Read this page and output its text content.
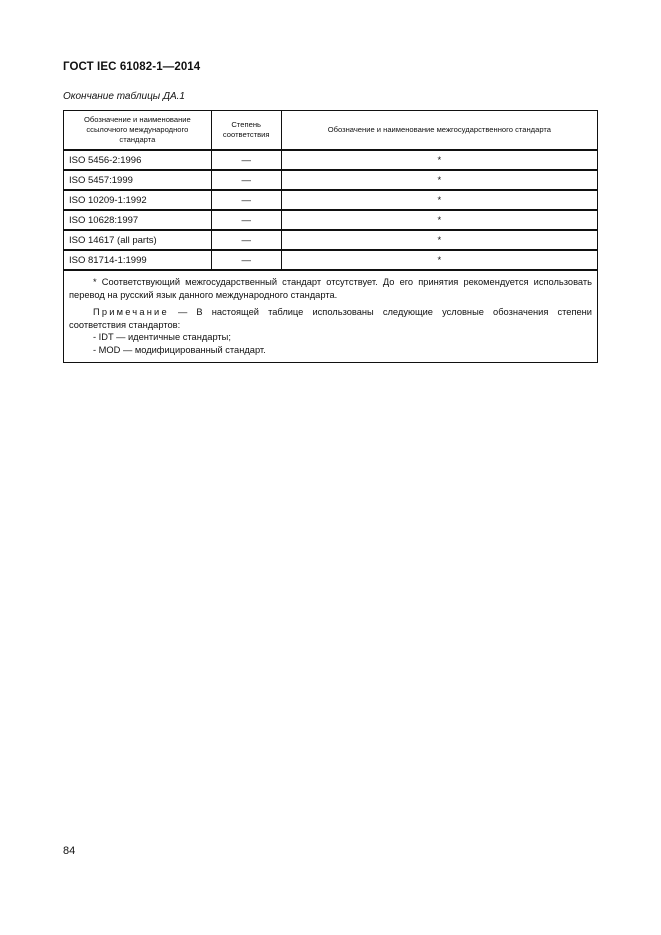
ГОСТ IEC 61082-1—2014
Окончание таблицы ДА.1
Обозначение и наименование ссылочного международного стандарта	Степень соответствия	Обозначение и наименование межгосударственного стандарта
ISO 5456-2:1996	—	*
ISO 5457:1999	—	*
ISO 10209-1:1992	—	*
ISO 10628:1997	—	*
ISO 14617 (all parts)	—	*
ISO 81714-1:1999	—	*

* Соответствующий межгосударственный стандарт отсутствует. До его принятия рекомендуется использовать перевод на русский язык данного международного стандарта.

Примечание — В настоящей таблице использованы следующие условные обозначения степени соответствия стандартов:

- IDT — идентичные стандарты;

- MOD — модифицированный стандарт.		

84
